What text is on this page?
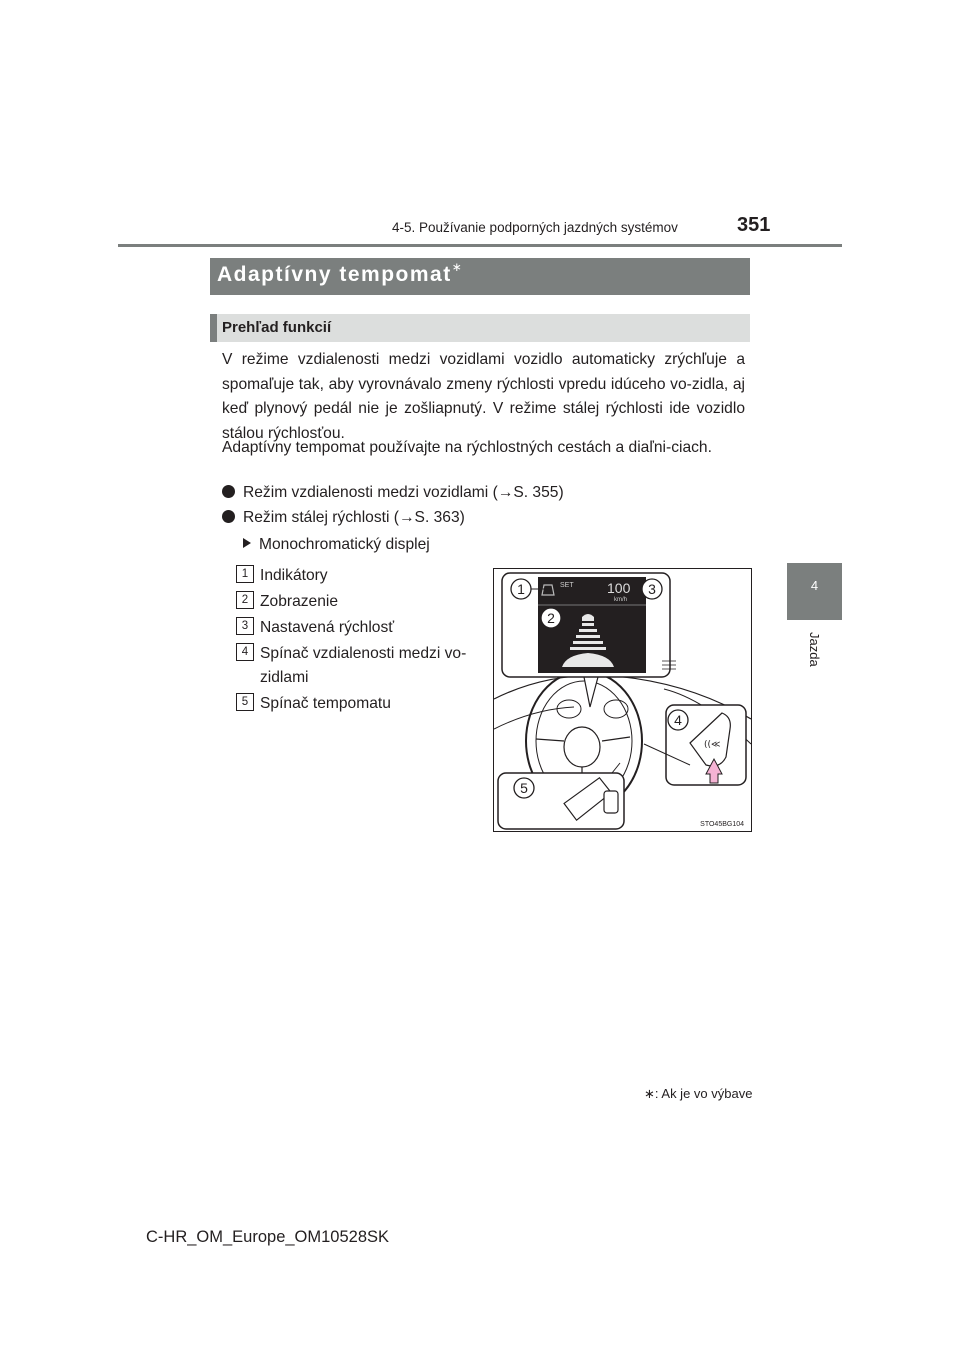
4-5. Používanie podporných jazdných systémov	351
4
Jazda
Adaptívny tempomat∗
Prehľad funkcií
V režime vzdialenosti medzi vozidlami vozidlo automaticky zrýchľuje a spomaľuje tak, aby vyrovnávalo zmeny rýchlosti vpredu idúceho vo-zidla, aj keď plynový pedál nie je zošliapnutý. V režime stálej rýchlosti ide vozidlo stálou rýchlosťou.
Adaptívny tempomat používajte na rýchlostných cestách a diaľni-ciach.
Režim vzdialenosti medzi vozidlami (→S. 355)
Režim stálej rýchlosti (→S. 363)
Monochromatický displej
1 Indikátory
2 Zobrazenie
3 Nastavená rýchlosť
4 Spínač vzdialenosti medzi vo-zidlami
5 Spínač tempomatu
SET 100
km/h
1
2
3
((≪
4
5
STO45BG104
∗: Ak je vo výbave
C-HR_OM_Europe_OM10528SK
